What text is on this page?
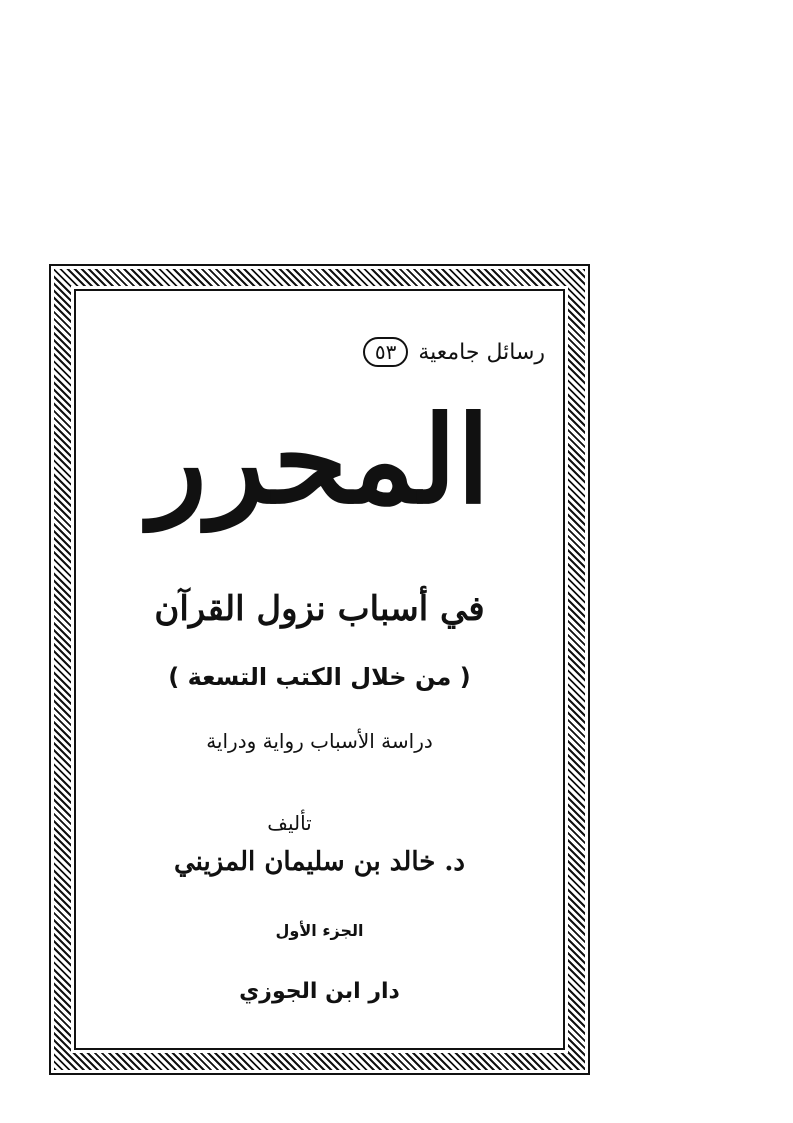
رسائل جامعية
٥٣
المحرر
في أسباب نزول القرآن
( من خلال الكتب التسعة )
دراسة الأسباب رواية ودراية
تأليف
د. خالد بن سليمان المزيني
الجزء الأول
دار ابن الجوزي
